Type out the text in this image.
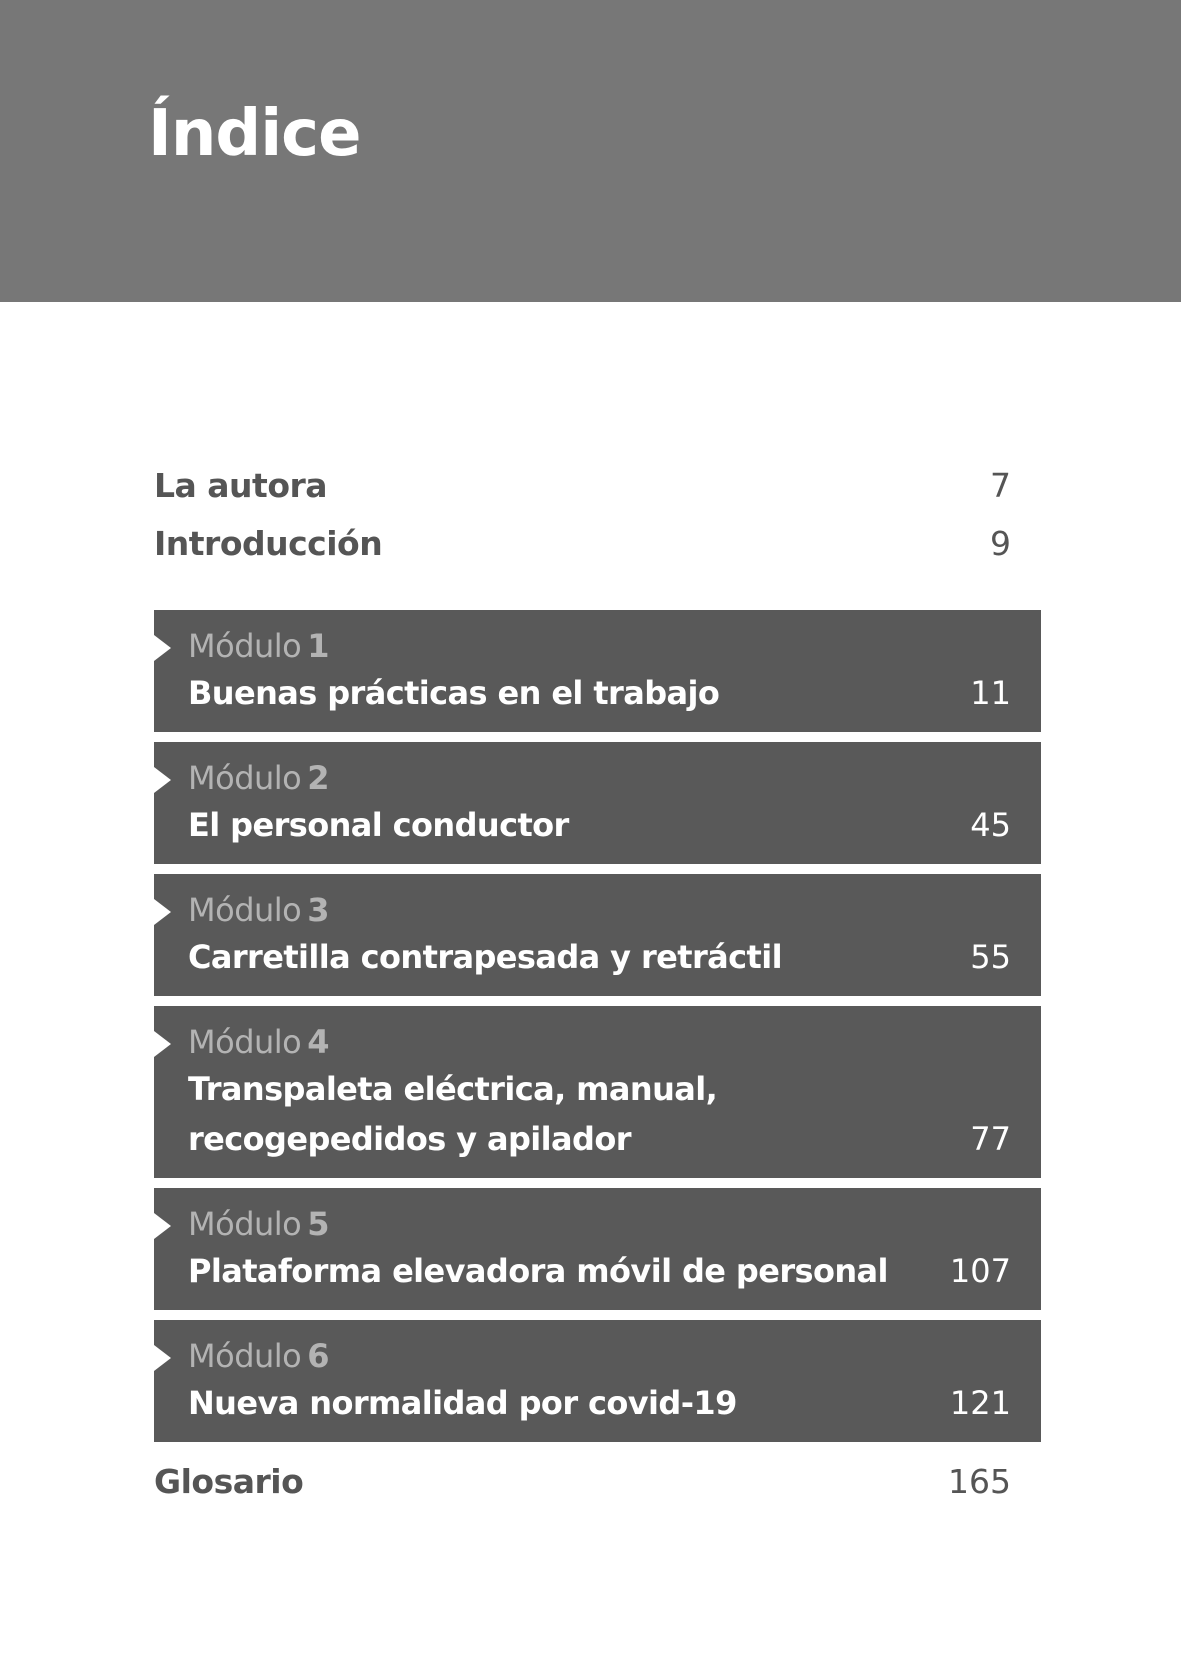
Índice
La autora	7
Introducción	9
Módulo 1
Buenas prácticas en el trabajo	11
Módulo 2
El personal conductor	45
Módulo 3
Carretilla contrapesada y retráctil	55
Módulo 4
Transpaleta eléctrica, manual,
recogepedidos y apilador	77
Módulo 5
Plataforma elevadora móvil de personal 107
Módulo 6
Nueva normalidad por covid-19	121
Glosario	165
